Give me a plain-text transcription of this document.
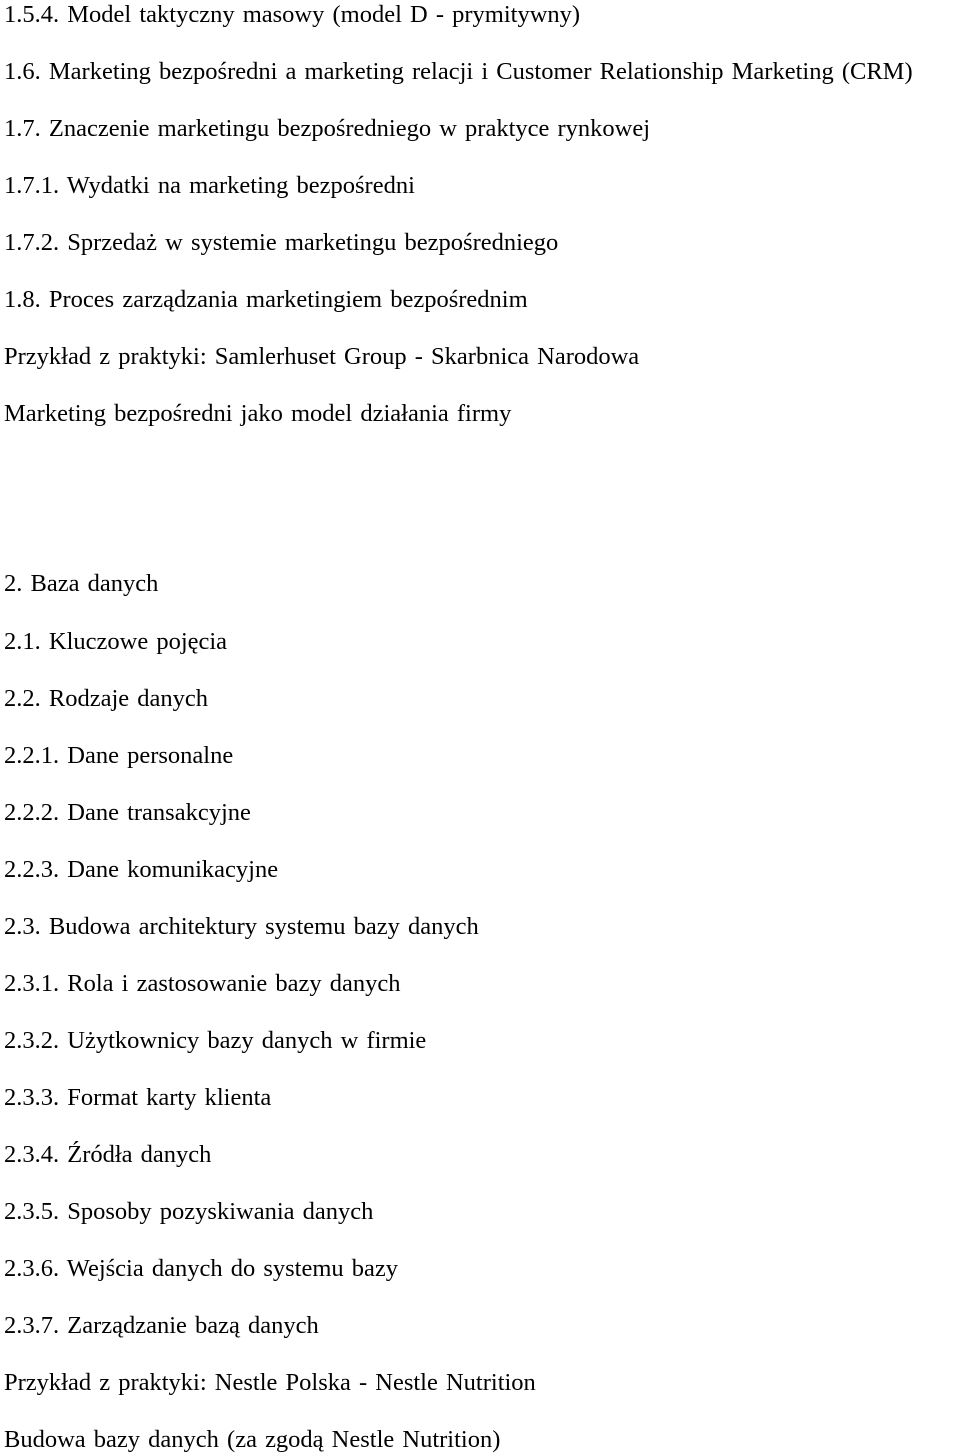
1.5.4. Model taktyczny masowy (model D - prymitywny)

1.6. Marketing bezpośredni a marketing relacji i Customer Relationship Marketing (CRM)

1.7. Znaczenie marketingu bezpośredniego w praktyce rynkowej

1.7.1. Wydatki na marketing bezpośredni

1.7.2. Sprzedaż w systemie marketingu bezpośredniego

1.8. Proces zarządzania marketingiem bezpośrednim

Przykład z praktyki: Samlerhuset Group - Skarbnica Narodowa

Marketing bezpośredni jako model działania firmy

2. Baza danych

2.1. Kluczowe pojęcia

2.2. Rodzaje danych

2.2.1. Dane personalne

2.2.2. Dane transakcyjne

2.2.3. Dane komunikacyjne

2.3. Budowa architektury systemu bazy danych

2.3.1. Rola i zastosowanie bazy danych

2.3.2. Użytkownicy bazy danych w firmie

2.3.3. Format karty klienta

2.3.4. Źródła danych

2.3.5. Sposoby pozyskiwania danych

2.3.6. Wejścia danych do systemu bazy

2.3.7. Zarządzanie bazą danych

Przykład z praktyki: Nestle Polska - Nestle Nutrition

Budowa bazy danych (za zgodą Nestle Nutrition)
